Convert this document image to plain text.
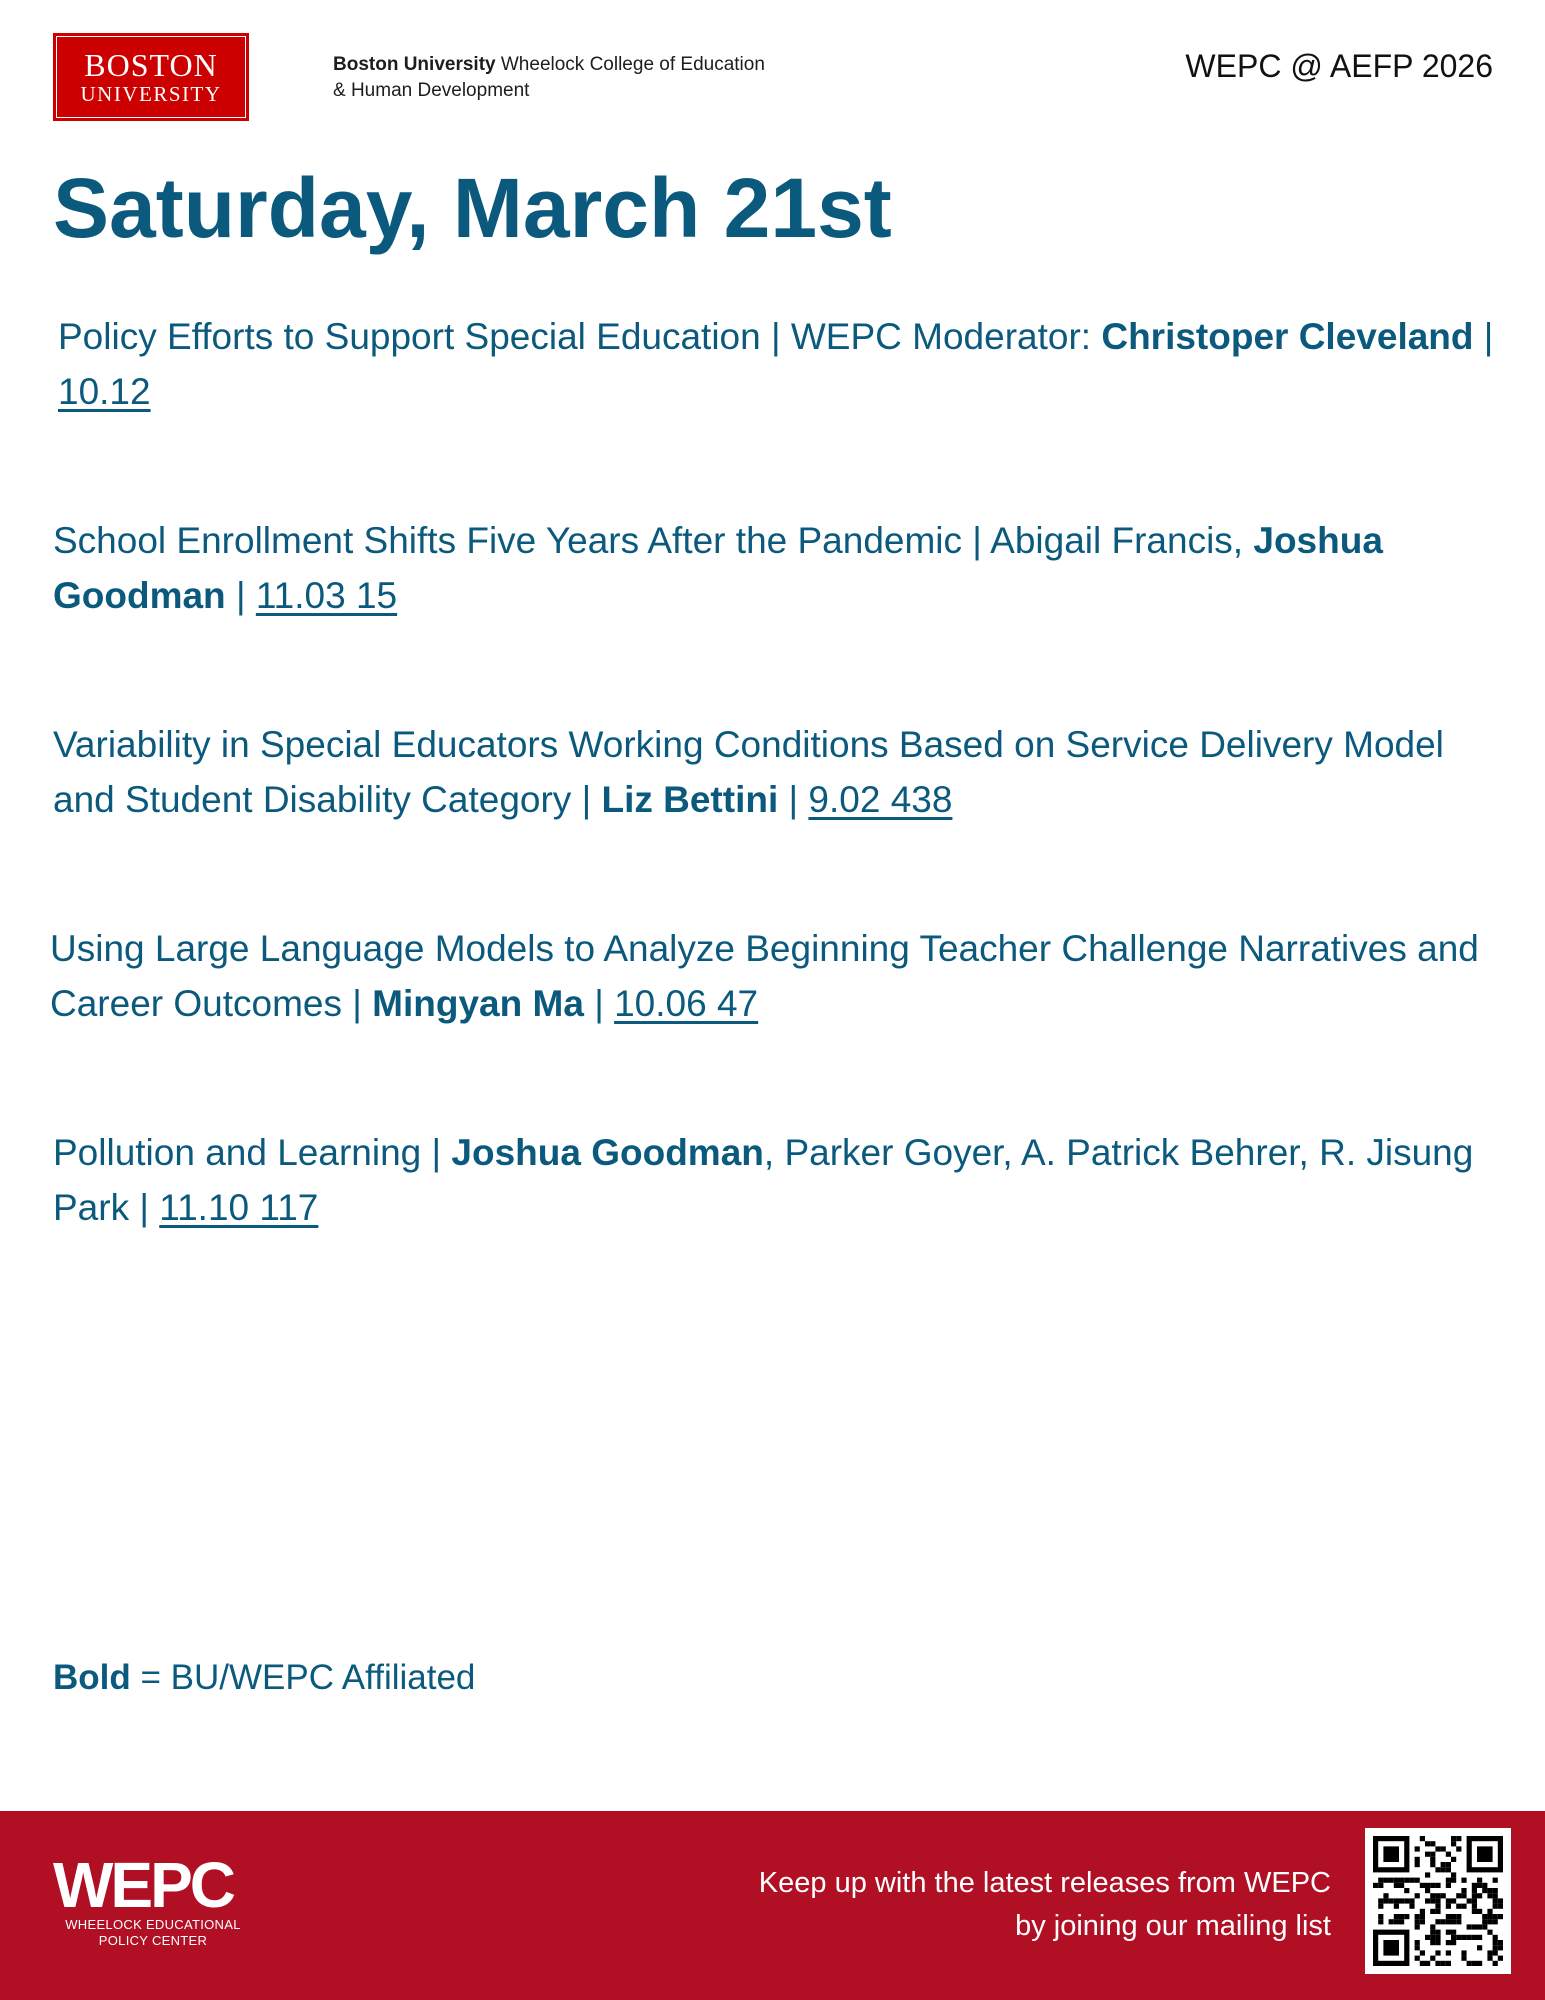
BOSTON
UNIVERSITY
Boston University Wheelock College of Education
& Human Development
WEPC @ AEFP 2026
Saturday, March 21st
Policy Efforts to Support Special Education | WEPC Moderator: Christoper Cleveland | 10.12
School Enrollment Shifts Five Years After the Pandemic | Abigail Francis, Joshua Goodman | 11.03 15
Variability in Special Educators Working Conditions Based on Service Delivery Model and Student Disability Category | Liz Bettini | 9.02 438
Using Large Language Models to Analyze Beginning Teacher Challenge Narratives and Career Outcomes | Mingyan Ma | 10.06 47
Pollution and Learning | Joshua Goodman, Parker Goyer, A. Patrick Behrer, R. Jisung Park | 11.10 117
Bold = BU/WEPC Affiliated
WEPC
WHEELOCK EDUCATIONAL
POLICY CENTER
Keep up with the latest releases from WEPC
by joining our mailing list
